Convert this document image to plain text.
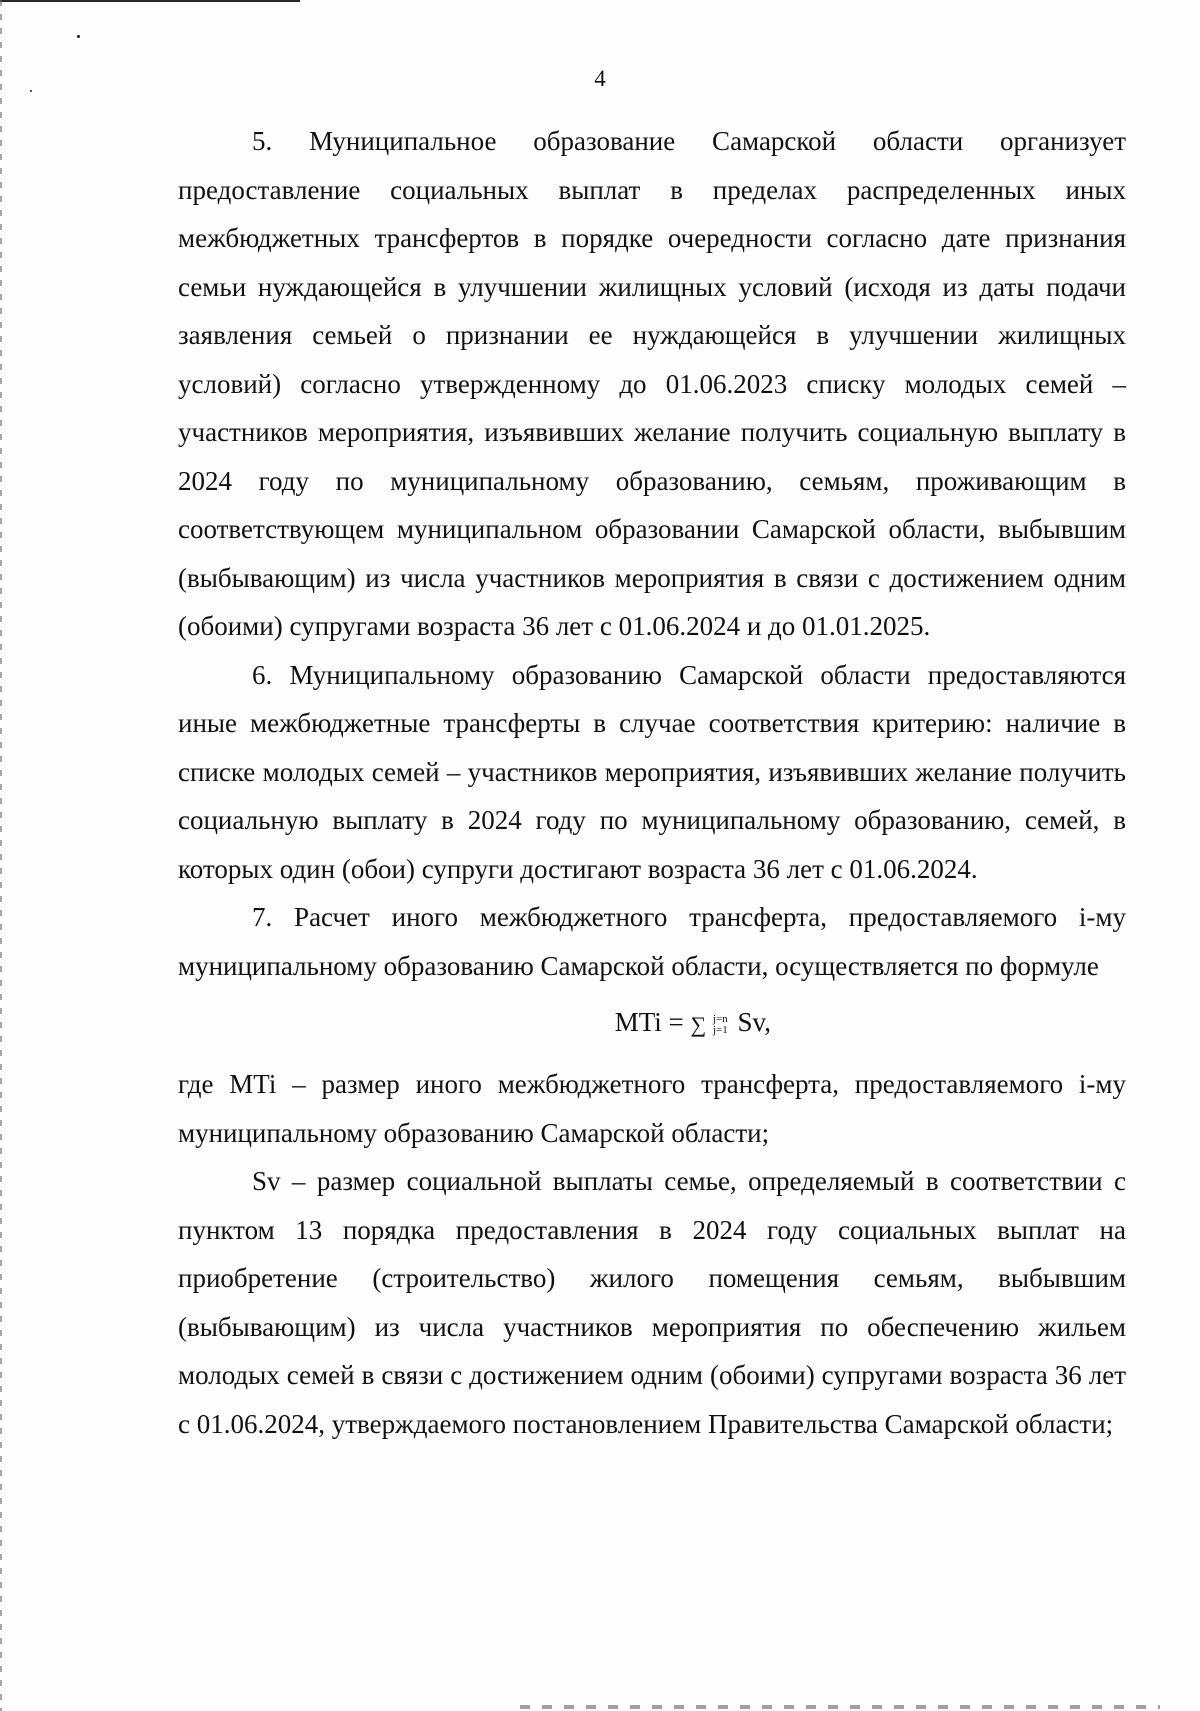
4

5. Муниципальное образование Самарской области организует предоставление социальных выплат в пределах распределенных иных межбюджетных трансфертов в порядке очередности согласно дате признания семьи нуждающейся в улучшении жилищных условий (исходя из даты подачи заявления семьей о признании ее нуждающейся в улучшении жилищных условий) согласно утвержденному до 01.06.2023 списку молодых семей – участников мероприятия, изъявивших желание получить социальную выплату в 2024 году по муниципальному образованию, семьям, проживающим в соответствующем муниципальном образовании Самарской области, выбывшим (выбывающим) из числа участников мероприятия в связи с достижением одним (обоими) супругами возраста 36 лет с 01.06.2024 и до 01.01.2025.

6. Муниципальному образованию Самарской области предоставляются иные межбюджетные трансферты в случае соответствия критерию: наличие в списке молодых семей – участников мероприятия, изъявивших желание получить социальную выплату в 2024 году по муниципальному образованию, семей, в которых один (обои) супруги достигают возраста 36 лет с 01.06.2024.

7. Расчет иного межбюджетного трансферта, предоставляемого i-му муниципальному образованию Самарской области, осуществляется по формуле

MTi = ∑ j=n
j=1 Sv,

где MTi – размер иного межбюджетного трансферта, предоставляемого i-му муниципальному образованию Самарской области;

Sv – размер социальной выплаты семье, определяемый в соответствии с пунктом 13 порядка предоставления в 2024 году социальных выплат на приобретение (строительство) жилого помещения семьям, выбывшим (выбывающим) из числа участников мероприятия по обеспечению жильем молодых семей в связи с достижением одним (обоими) супругами возраста 36 лет с 01.06.2024, утверждаемого постановлением Правительства Самарской области;
